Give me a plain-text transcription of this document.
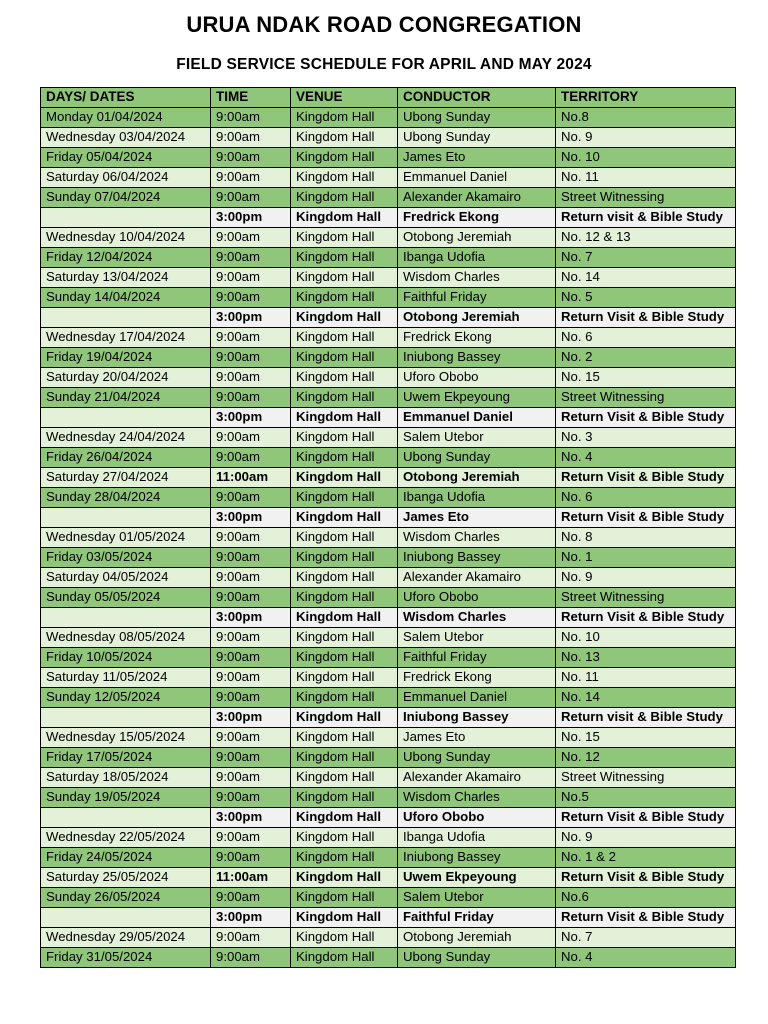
URUA NDAK ROAD CONGREGATION
FIELD SERVICE SCHEDULE FOR APRIL AND MAY 2024
DAYS/ DATES	TIME	VENUE	CONDUCTOR	TERRITORY
Monday 01/04/2024	9:00am	Kingdom Hall	Ubong Sunday	No.8
Wednesday 03/04/2024	9:00am	Kingdom Hall	Ubong Sunday	No. 9
Friday 05/04/2024	9:00am	Kingdom Hall	James Eto	No. 10
Saturday 06/04/2024	9:00am	Kingdom Hall	Emmanuel Daniel	No. 11
Sunday 07/04/2024	9:00am	Kingdom Hall	Alexander Akamairo	Street Witnessing
	3:00pm	Kingdom Hall	Fredrick Ekong	Return visit & Bible Study
Wednesday 10/04/2024	9:00am	Kingdom Hall	Otobong Jeremiah	No. 12 & 13
Friday 12/04/2024	9:00am	Kingdom Hall	Ibanga Udofia	No. 7
Saturday 13/04/2024	9:00am	Kingdom Hall	Wisdom Charles	No. 14
Sunday 14/04/2024	9:00am	Kingdom Hall	Faithful Friday	No. 5
	3:00pm	Kingdom Hall	Otobong Jeremiah	Return Visit & Bible Study
Wednesday 17/04/2024	9:00am	Kingdom Hall	Fredrick Ekong	No. 6
Friday 19/04/2024	9:00am	Kingdom Hall	Iniubong Bassey	No. 2
Saturday 20/04/2024	9:00am	Kingdom Hall	Uforo Obobo	No. 15
Sunday 21/04/2024	9:00am	Kingdom Hall	Uwem Ekpeyoung	Street Witnessing
	3:00pm	Kingdom Hall	Emmanuel Daniel	Return Visit & Bible Study
Wednesday 24/04/2024	9:00am	Kingdom Hall	Salem Utebor	No. 3
Friday 26/04/2024	9:00am	Kingdom Hall	Ubong Sunday	No. 4
Saturday 27/04/2024	11:00am	Kingdom Hall	Otobong Jeremiah	Return Visit & Bible Study
Sunday 28/04/2024	9:00am	Kingdom Hall	Ibanga Udofia	No. 6
	3:00pm	Kingdom Hall	James Eto	Return Visit & Bible Study
Wednesday 01/05/2024	9:00am	Kingdom Hall	Wisdom Charles	No. 8
Friday 03/05/2024	9:00am	Kingdom Hall	Iniubong Bassey	No. 1
Saturday 04/05/2024	9:00am	Kingdom Hall	Alexander Akamairo	No. 9
Sunday 05/05/2024	9:00am	Kingdom Hall	Uforo Obobo	Street Witnessing
	3:00pm	Kingdom Hall	Wisdom Charles	Return Visit & Bible Study
Wednesday 08/05/2024	9:00am	Kingdom Hall	Salem Utebor	No. 10
Friday 10/05/2024	9:00am	Kingdom Hall	Faithful Friday	No. 13
Saturday 11/05/2024	9:00am	Kingdom Hall	Fredrick Ekong	No. 11
Sunday 12/05/2024	9:00am	Kingdom Hall	Emmanuel Daniel	No. 14
	3:00pm	Kingdom Hall	Iniubong Bassey	Return visit & Bible Study
Wednesday 15/05/2024	9:00am	Kingdom Hall	James Eto	No. 15
Friday 17/05/2024	9:00am	Kingdom Hall	Ubong Sunday	No. 12
Saturday 18/05/2024	9:00am	Kingdom Hall	Alexander Akamairo	Street Witnessing
Sunday 19/05/2024	9:00am	Kingdom Hall	Wisdom Charles	No.5
	3:00pm	Kingdom Hall	Uforo Obobo	Return Visit & Bible Study
Wednesday 22/05/2024	9:00am	Kingdom Hall	Ibanga Udofia	No. 9
Friday 24/05/2024	9:00am	Kingdom Hall	Iniubong Bassey	No. 1 & 2
Saturday 25/05/2024	11:00am	Kingdom Hall	Uwem Ekpeyoung	Return Visit & Bible Study
Sunday 26/05/2024	9:00am	Kingdom Hall	Salem Utebor	No.6
	3:00pm	Kingdom Hall	Faithful Friday	Return Visit & Bible Study
Wednesday 29/05/2024	9:00am	Kingdom Hall	Otobong Jeremiah	No. 7
Friday 31/05/2024	9:00am	Kingdom Hall	Ubong Sunday	No. 4
